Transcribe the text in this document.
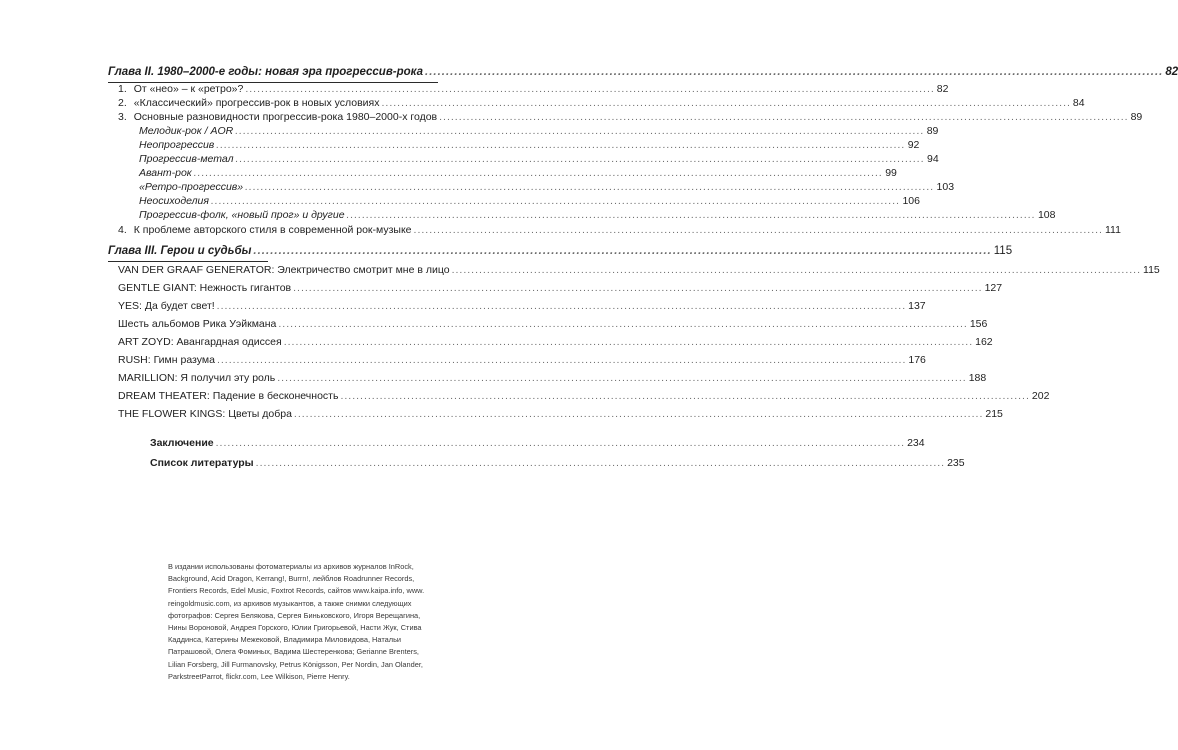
Глава II. 1980–2000-е годы: новая эра прогрессив-рока .....	82
1. От «нео» – к «ретро»? .....	82
2. «Классический» прогрессив-рок в новых условиях .....	84
3. Основные разновидности прогрессив-рока 1980–2000-х годов .....	89
Мелодик-рок / AOR .....	89
Неопрогрессив .....	92
Прогрессив-метал .....	94
Авант-рок .....	99
«Ретро-прогрессив» .....	103
Неосиходелия .....	106
Прогрессив-фолк, «новый прог» и другие .....	108
4. К проблеме авторского стиля в современной рок-музыке .....	111
Глава III. Герои и судьбы .....	115
VAN DER GRAAF GENERATOR: Электричество смотрит мне в лицо .....	115
GENTLE GIANT: Нежность гигантов .....	127
YES: Да будет свет! .....	137
Шесть альбомов Рика Уэйкмана .....	156
ART ZOYD: Авангардная одиссея .....	162
RUSH: Гимн разума .....	176
MARILLION: Я получил эту роль .....	188
DREAM THEATER: Падение в бесконечность .....	202
THE FLOWER KINGS: Цветы добра .....	215
Заключение .....	234
Список литературы .....	235
В издании использованы фотоматериалы из архивов журналов InRock,
Background, Acid Dragon, Kerrang!, Burrn!, лейблов Roadrunner Records,
Frontiers Records, Edel Music, Foxtrot Records, сайтов www.kaipa.info, www.
reingoldmusic.com, из архивов музыкантов, а также снимки следующих
фотографов: Сергея Белякова, Сергея Биньковского, Игоря Верещагина,
Нины Вороновой, Андрея Горского, Юлии Григорьевой, Насти Жук, Стива
Каддинса, Катерины Межековой, Владимира Миловидова, Натальи
Патрашовой, Олега Фоминых, Вадима Шестеренкова; Gerianne Brenters,
Lilian Forsberg, Jill Furmanovsky, Petrus Königsson, Per Nordin, Jan Olander,
ParkstreetParrot, flickr.com, Lee Wilkison, Pierre Henry.
